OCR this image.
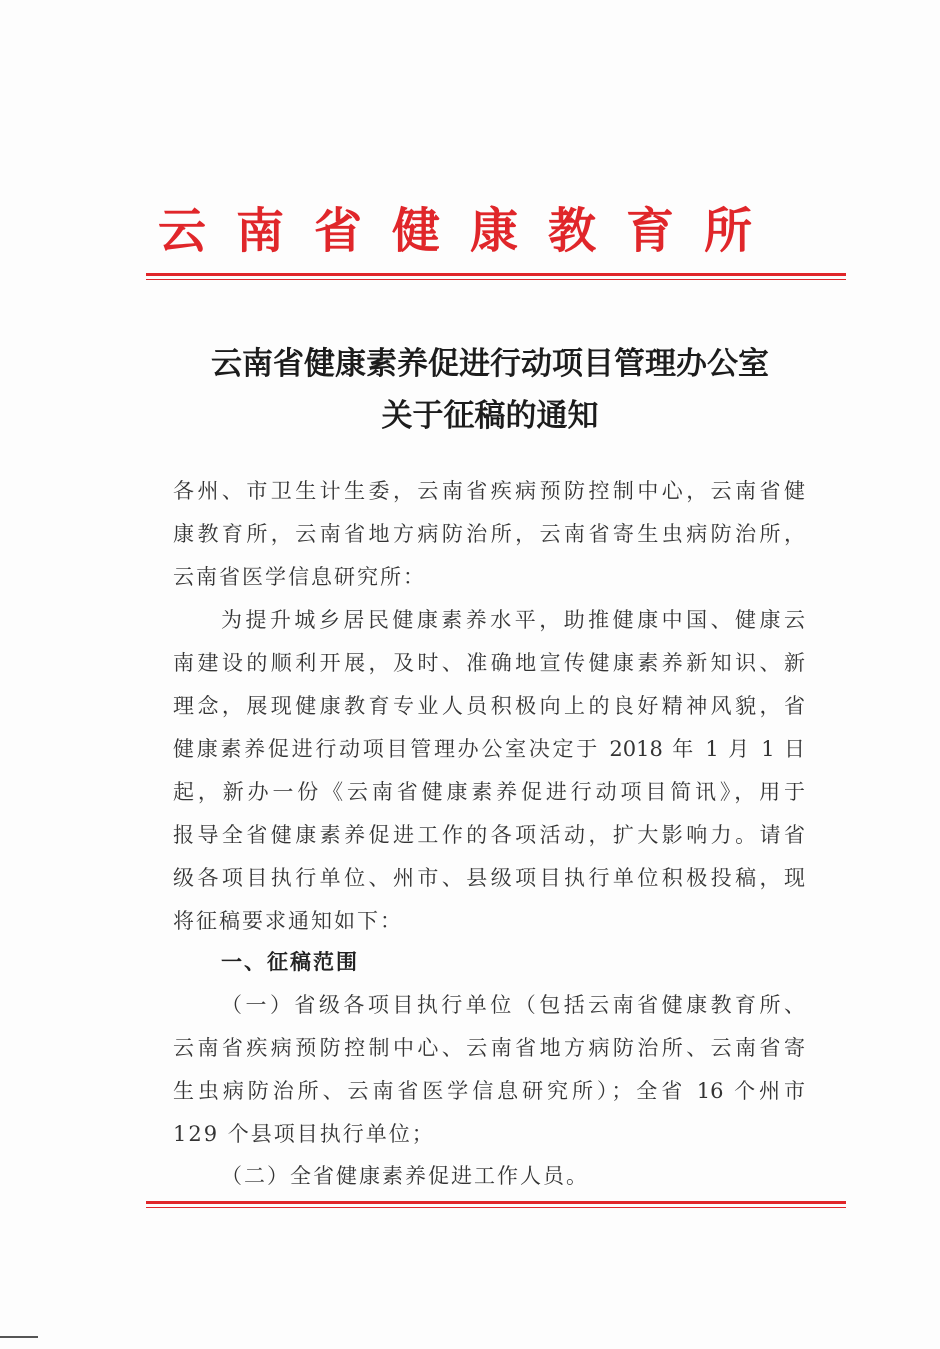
云南省健康教育所
云南省健康素养促进行动项目管理办公室
关于征稿的通知
各州、市卫生计生委，云南省疾病预防控制中心，云南省健
康教育所，云南省地方病防治所，云南省寄生虫病防治所，
云南省医学信息研究所：
为提升城乡居民健康素养水平，助推健康中国、健康云
南建设的顺利开展，及时、准确地宣传健康素养新知识、新
理念，展现健康教育专业人员积极向上的良好精神风貌，省
健康素养促进行动项目管理办公室决定于 2018 年 1 月 1 日
起，新办一份《云南省健康素养促进行动项目简讯》，用于
报导全省健康素养促进工作的各项活动，扩大影响力。请省
级各项目执行单位、州市、县级项目执行单位积极投稿，现
将征稿要求通知如下：
一、征稿范围
（一）省级各项目执行单位（包括云南省健康教育所、
云南省疾病预防控制中心、云南省地方病防治所、云南省寄
生虫病防治所、云南省医学信息研究所）；全省 16 个州市
129 个县项目执行单位；
（二）全省健康素养促进工作人员。
